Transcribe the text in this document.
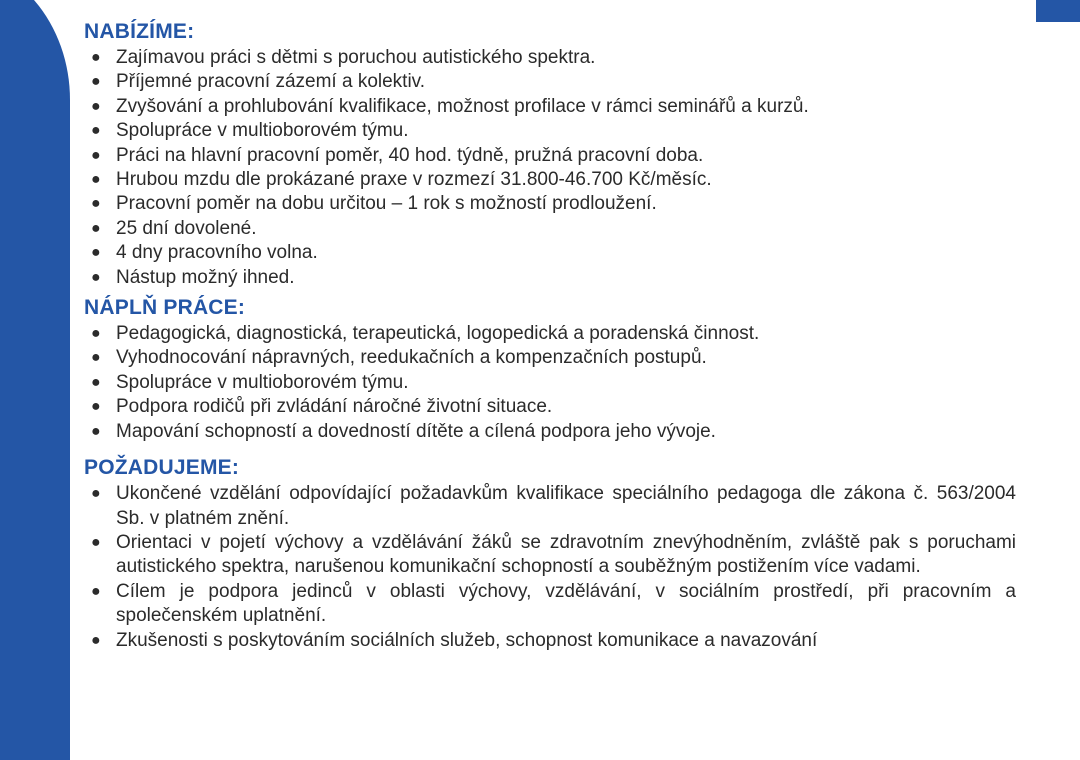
NABÍZÍME:
● Zajímavou práci s dětmi s poruchou autistického spektra.
● Příjemné pracovní zázemí a kolektiv.
● Zvyšování a prohlubování kvalifikace, možnost profilace v rámci seminářů a kurzů.
● Spolupráce v multioborovém týmu.
● Práci na hlavní pracovní poměr, 40 hod. týdně, pružná pracovní doba.
● Hrubou mzdu dle prokázané praxe v rozmezí 31.800-46.700 Kč/měsíc.
● Pracovní poměr na dobu určitou – 1 rok s možností prodloužení.
● 25 dní dovolené.
● 4 dny pracovního volna.
● Nástup možný ihned.
NÁPLŇ PRÁCE:
● Pedagogická, diagnostická, terapeutická, logopedická a poradenská činnost.
● Vyhodnocování nápravných, reedukačních a kompenzačních postupů.
● Spolupráce v multioborovém týmu.
● Podpora rodičů při zvládání náročné životní situace.
● Mapování schopností a dovedností dítěte a cílená podpora jeho vývoje.
POŽADUJEME:
● Ukončené vzdělání odpovídající požadavkům kvalifikace speciálního pedagoga dle zákona č. 563/2004 Sb. v platném znění.
● Orientaci v pojetí výchovy a vzdělávání žáků se zdravotním znevýhodněním, zvláště pak s poruchami autistického spektra, narušenou komunikační schopností a souběžným postižením více vadami.
● Cílem je podpora jedinců v oblasti výchovy, vzdělávání, v sociálním prostředí, při pracovním a společenském uplatnění.
● Zkušenosti s poskytováním sociálních služeb, schopnost komunikace a navazování
